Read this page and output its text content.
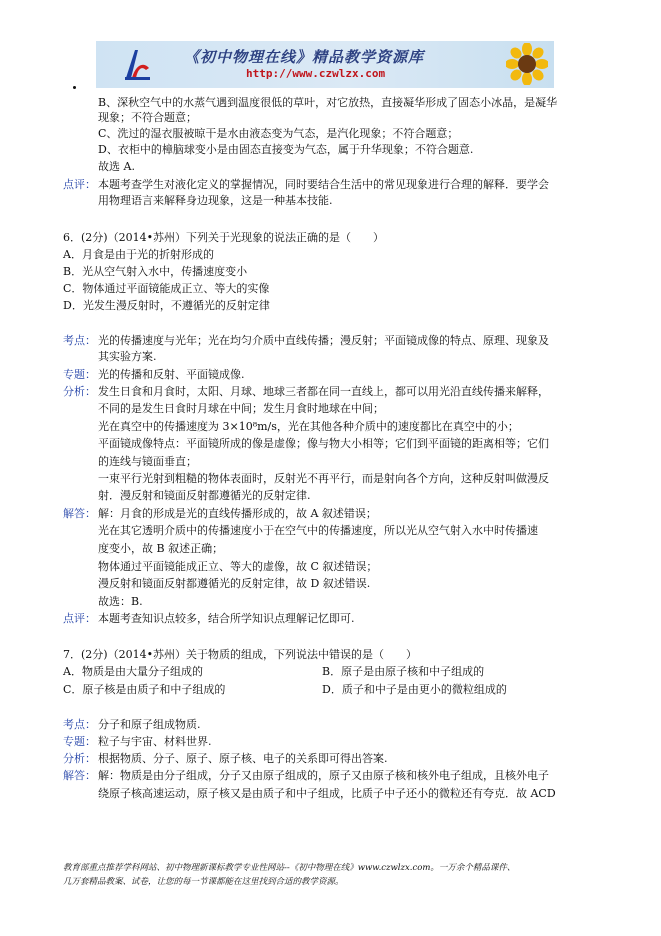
《初中物理在线》精品教学资源库
http://www.czwlzx.com
B、深秋空气中的水蒸气遇到温度很低的草叶，对它放热，直接凝华形成了固态小冰晶，是凝华
现象；不符合题意；
C、洗过的湿衣服被晾干是水由液态变为气态，是汽化现象；不符合题意；
D、衣柜中的樟脑球变小是由固态直接变为气态，属于升华现象；不符合题意.
故选 A.
点评： 本题考查学生对液化定义的掌握情况，同时要结合生活中的常见现象进行合理的解释．要学会
用物理语言来解释身边现象，这是一种基本技能.
6．(2分)（2014•苏州）下列关于光现象的说法正确的是（　　）
A．月食是由于光的折射形成的
B．光从空气射入水中，传播速度变小
C．物体通过平面镜能成正立、等大的实像
D．光发生漫反射时，不遵循光的反射定律
考点： 光的传播速度与光年；光在均匀介质中直线传播；漫反射；平面镜成像的特点、原理、现象及
其实验方案.
专题： 光的传播和反射、平面镜成像.
分析： 发生日食和月食时，太阳、月球、地球三者都在同一直线上，都可以用光沿直线传播来解释，
不同的是发生日食时月球在中间；发生月食时地球在中间；
光在真空中的传播速度为 3×10⁸m/s，光在其他各种介质中的速度都比在真空中的小；
平面镜成像特点：平面镜所成的像是虚像；像与物大小相等；它们到平面镜的距离相等；它们
的连线与镜面垂直；
一束平行光射到粗糙的物体表面时，反射光不再平行，而是射向各个方向，这种反射叫做漫反
射．漫反射和镜面反射都遵循光的反射定律.
解答： 解：月食的形成是光的直线传播形成的，故 A 叙述错误；
光在其它透明介质中的传播速度小于在空气中的传播速度，所以光从空气射入水中时传播速
度变小，故 B 叙述正确；
物体通过平面镜能成正立、等大的虚像，故 C 叙述错误；
漫反射和镜面反射都遵循光的反射定律，故 D 叙述错误.
故选：B.
点评： 本题考查知识点较多，结合所学知识点理解记忆即可.
7．(2分)（2014•苏州）关于物质的组成，下列说法中错误的是（　　）
A．物质是由大量分子组成的	B．原子是由原子核和中子组成的
C．原子核是由质子和中子组成的	D．质子和中子是由更小的微粒组成的
考点： 分子和原子组成物质.
专题： 粒子与宇宙、材料世界.
分析： 根据物质、分子、原子、原子核、电子的关系即可得出答案.
解答： 解：物质是由分子组成，分子又由原子组成的，原子又由原子核和核外电子组成，且核外电子
绕原子核高速运动，原子核又是由质子和中子组成，比质子中子还小的微粒还有夸克．故 ACD
教育部重点推荐学科网站、初中物理新课标教学专业性网站--《初中物理在线》www.czwlzx.com。一万余个精品课件、
几万套精品教案、试卷，让您的每一节课都能在这里找到合适的教学资源。
